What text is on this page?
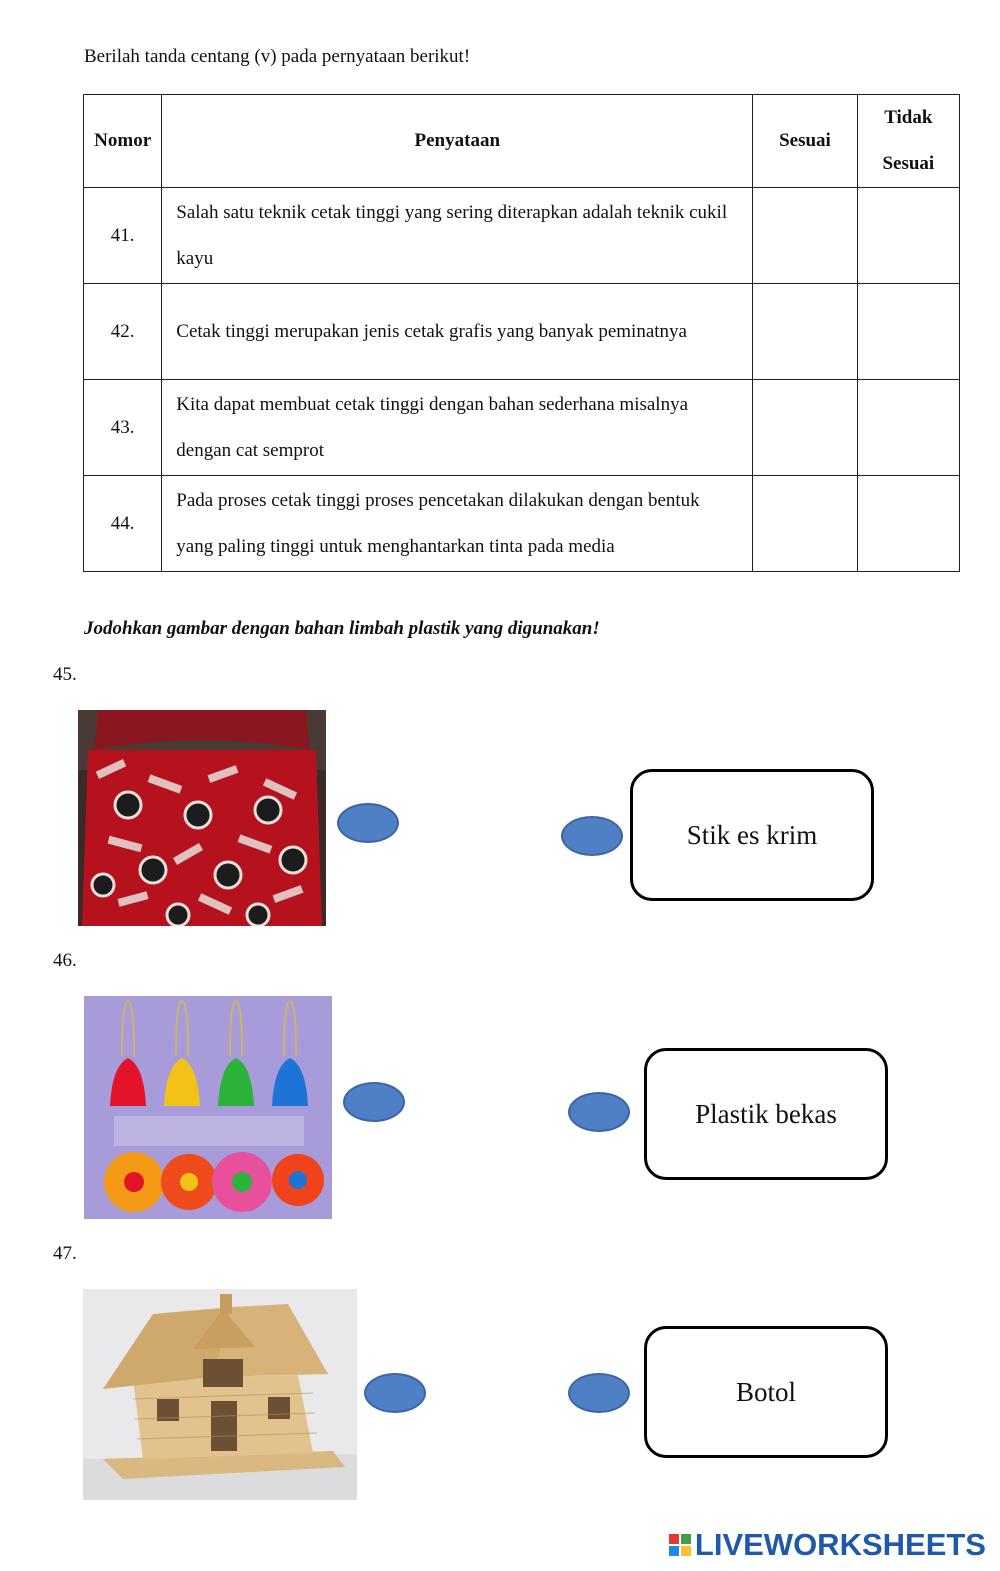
Berilah tanda centang (v) pada pernyataan berikut!
Nomor	Penyataan	Sesuai	Tidak
Sesuai
41.	Salah satu teknik cetak tinggi yang sering diterapkan adalah teknik cukil kayu		
42.	Cetak tinggi merupakan jenis cetak grafis yang banyak peminatnya		
43.	Kita dapat membuat cetak tinggi dengan bahan sederhana misalnya dengan cat semprot		
44.	Pada proses cetak tinggi proses pencetakan dilakukan dengan bentuk yang paling tinggi untuk menghantarkan tinta pada media		
Jodohkan gambar dengan bahan limbah plastik yang digunakan!
45.
Stik es krim
46.
Plastik bekas
47.
Botol
LIVEWORKSHEETS
